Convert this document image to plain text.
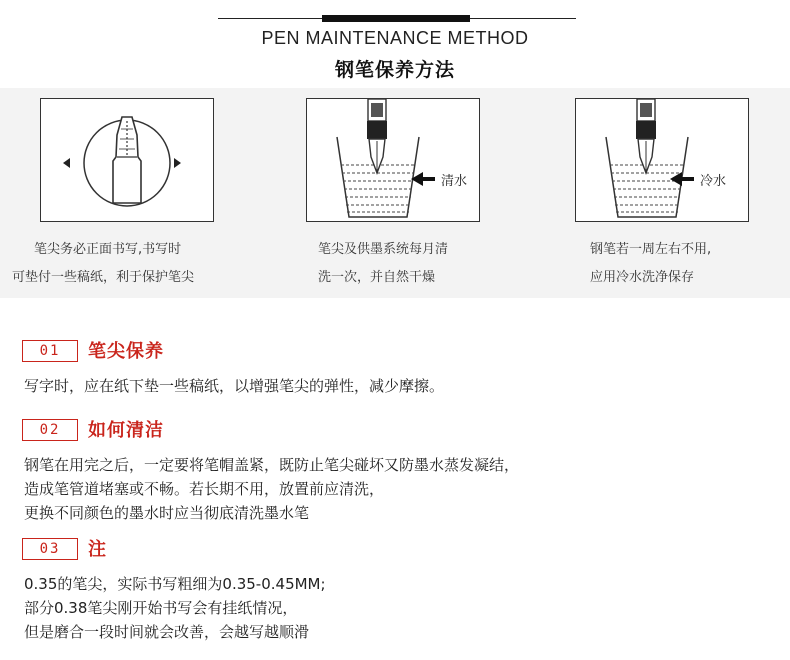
PEN MAINTENANCE METHOD
钢笔保养方法
清水	冷水
笔尖务必正面书写,书写时
可垫付一些稿纸，利于保护笔尖
笔尖及供墨系统每月清
洗一次，并自然干燥
钢笔若一周左右不用,
应用冷水洗净保存
01	笔尖保养
写字时，应在纸下垫一些稿纸，以增强笔尖的弹性，减少摩擦。
02	如何清洁
钢笔在用完之后，一定要将笔帽盖紧，既防止笔尖碰坏又防墨水蒸发凝结，
造成笔管道堵塞或不畅。若长期不用，放置前应清洗，
更换不同颜色的墨水时应当彻底清洗墨水笔
03	注
0.35的笔尖，实际书写粗细为0.35-0.45MM;
部分0.38笔尖刚开始书写会有挂纸情况，
但是磨合一段时间就会改善，会越写越顺滑
